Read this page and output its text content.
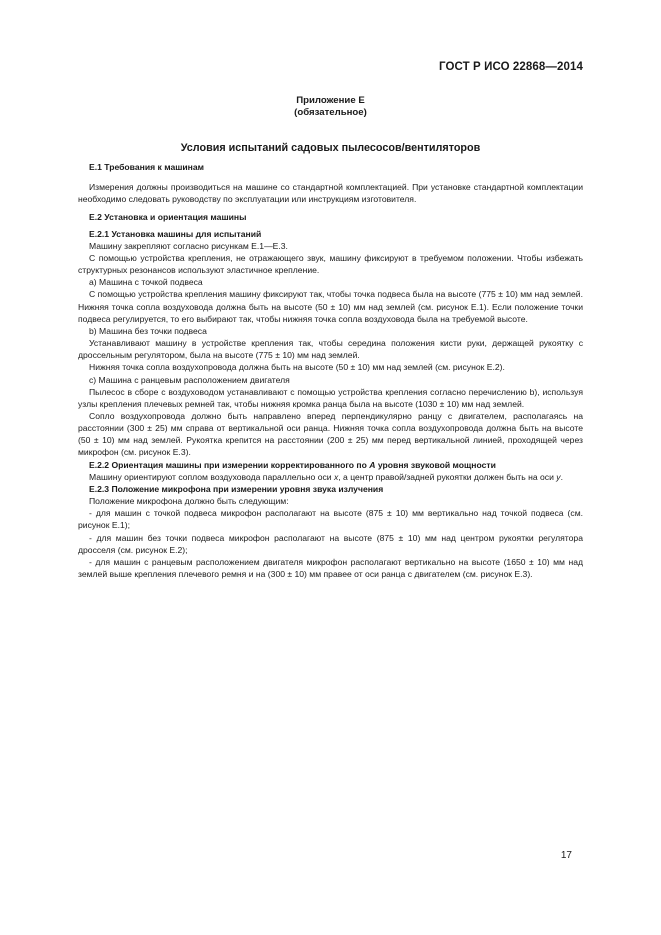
ГОСТ Р ИСО 22868—2014
Приложение Е
(обязательное)
Условия испытаний садовых пылесосов/вентиляторов

Е.1 Требования к машинам

Измерения должны производиться на машине со стандартной комплектацией. При установке стандартной комплектации необходимо следовать руководству по эксплуатации или инструкциям изготовителя.

Е.2 Установка и ориентация машины

Е.2.1 Установка машины для испытаний

Машину закрепляют согласно рисункам Е.1—Е.3.

С помощью устройства крепления, не отражающего звук, машину фиксируют в требуемом положении. Чтобы избежать структурных резонансов используют эластичное крепление.

a) Машина с точкой подвеса

С помощью устройства крепления машину фиксируют так, чтобы точка подвеса была на высоте (775 ± 10) мм над землей. Нижняя точка сопла воздуховода должна быть на высоте (50 ± 10) мм над землей (см. рисунок Е.1). Если положение точки подвеса регулируется, то его выбирают так, чтобы нижняя точка сопла воздуховода была на требуемой высоте.

b) Машина без точки подвеса

Устанавливают машину в устройстве крепления так, чтобы середина положения кисти руки, держащей рукоятку с дроссельным регулятором, была на высоте (775 ± 10) мм над землей.

Нижняя точка сопла воздухопровода должна быть на высоте (50 ± 10) мм над землей (см. рисунок Е.2).

c) Машина с ранцевым расположением двигателя

Пылесос в сборе с воздуховодом устанавливают с помощью устройства крепления согласно перечислению b), используя узлы крепления плечевых ремней так, чтобы нижняя кромка ранца была на высоте (1030 ± 10) мм над землей.

Сопло воздухопровода должно быть направлено вперед перпендикулярно ранцу с двигателем, располагаясь на расстоянии (300 ± 25) мм справа от вертикальной оси ранца. Нижняя точка сопла воздухопровода должна быть на высоте (50 ± 10) мм над землей. Рукоятка крепится на расстоянии (200 ± 25) мм перед вертикальной линией, проходящей через микрофон (см. рисунок Е.3).

Е.2.2 Ориентация машины при измерении корректированного по А уровня звуковой мощности

Машину ориентируют соплом воздуховода параллельно оси x, а центр правой/задней рукоятки должен быть на оси y.

Е.2.3 Положение микрофона при измерении уровня звука излучения

Положение микрофона должно быть следующим:

- для машин с точкой подвеса микрофон располагают на высоте (875 ± 10) мм вертикально над точкой подвеса (см. рисунок Е.1);

- для машин без точки подвеса микрофон располагают на высоте (875 ± 10) мм над центром рукоятки регулятора дросселя (см. рисунок Е.2);

- для машин с ранцевым расположением двигателя микрофон располагают вертикально на высоте (1650 ± 10) мм над землей выше крепления плечевого ремня и на (300 ± 10) мм правее от оси ранца с двигателем (см. рисунок Е.3).

17
